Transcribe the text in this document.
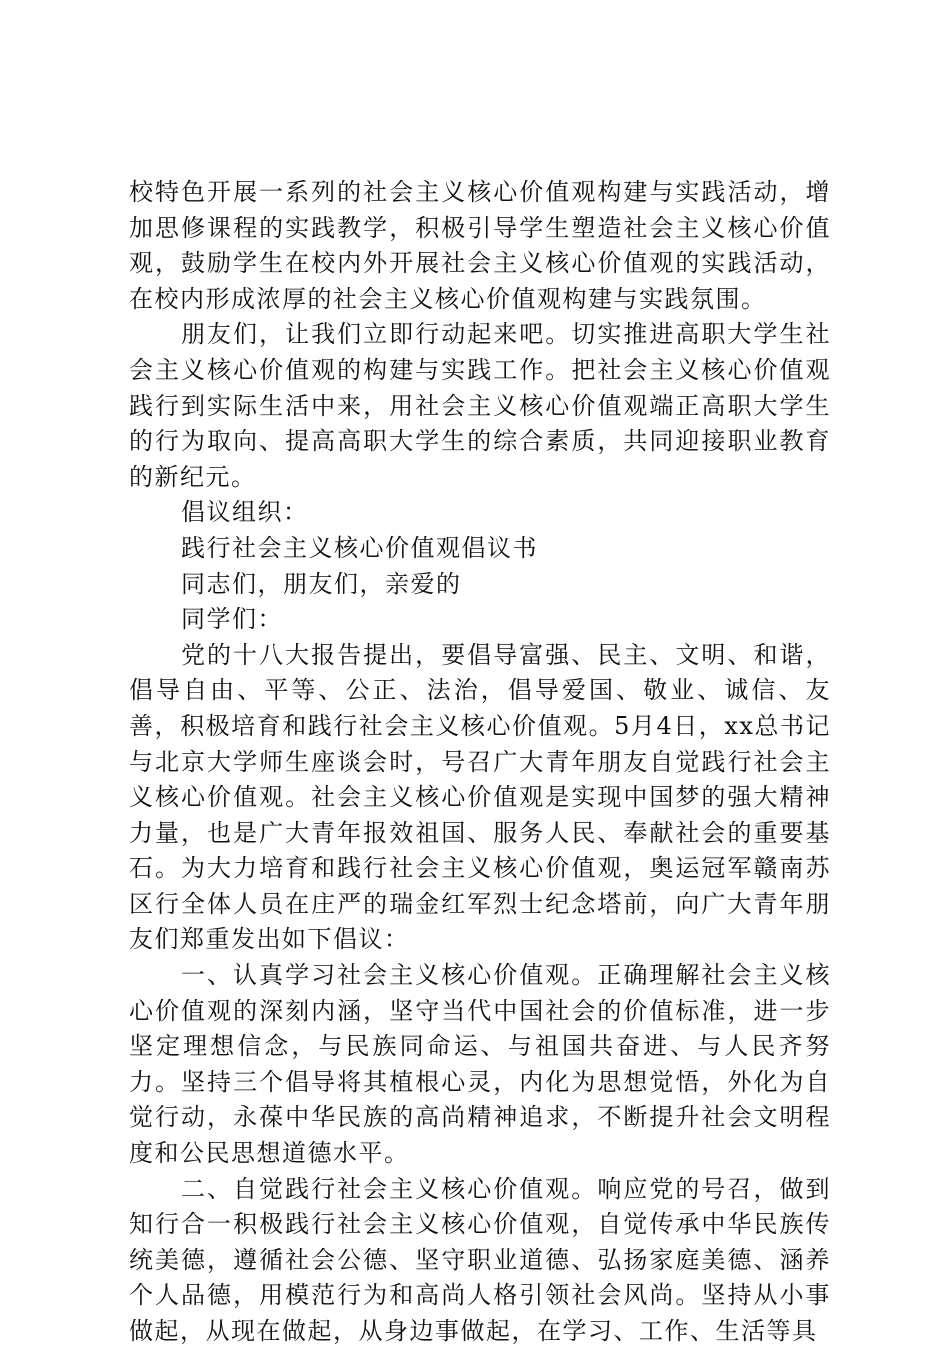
校特色开展一系列的社会主义核心价值观构建与实践活动，增加思修课程的实践教学，积极引导学生塑造社会主义核心价值观，鼓励学生在校内外开展社会主义核心价值观的实践活动，在校内形成浓厚的社会主义核心价值观构建与实践氛围。

朋友们，让我们立即行动起来吧。切实推进高职大学生社会主义核心价值观的构建与实践工作。把社会主义核心价值观践行到实际生活中来，用社会主义核心价值观端正高职大学生的行为取向、提高高职大学生的综合素质，共同迎接职业教育的新纪元。

倡议组织：

践行社会主义核心价值观倡议书

同志们，朋友们，亲爱的

同学们：

党的十八大报告提出，要倡导富强、民主、文明、和谐，倡导自由、平等、公正、法治，倡导爱国、敬业、诚信、友善，积极培育和践行社会主义核心价值观。5月4日，xx总书记与北京大学师生座谈会时，号召广大青年朋友自觉践行社会主义核心价值观。社会主义核心价值观是实现中国梦的强大精神力量，也是广大青年报效祖国、服务人民、奉献社会的重要基石。为大力培育和践行社会主义核心价值观，奥运冠军赣南苏区行全体人员在庄严的瑞金红军烈士纪念塔前，向广大青年朋友们郑重发出如下倡议：

一、认真学习社会主义核心价值观。正确理解社会主义核心价值观的深刻内涵，坚守当代中国社会的价值标准，进一步坚定理想信念，与民族同命运、与祖国共奋进、与人民齐努力。坚持三个倡导将其植根心灵，内化为思想觉悟，外化为自觉行动，永葆中华民族的高尚精神追求，不断提升社会文明程度和公民思想道德水平。

二、自觉践行社会主义核心价值观。响应党的号召，做到知行合一积极践行社会主义核心价值观，自觉传承中华民族传统美德，遵循社会公德、坚守职业道德、弘扬家庭美德、涵养个人品德，用模范行为和高尚人格引领社会风尚。坚持从小事做起，从现在做起，从身边事做起，在学习、工作、生活等具
